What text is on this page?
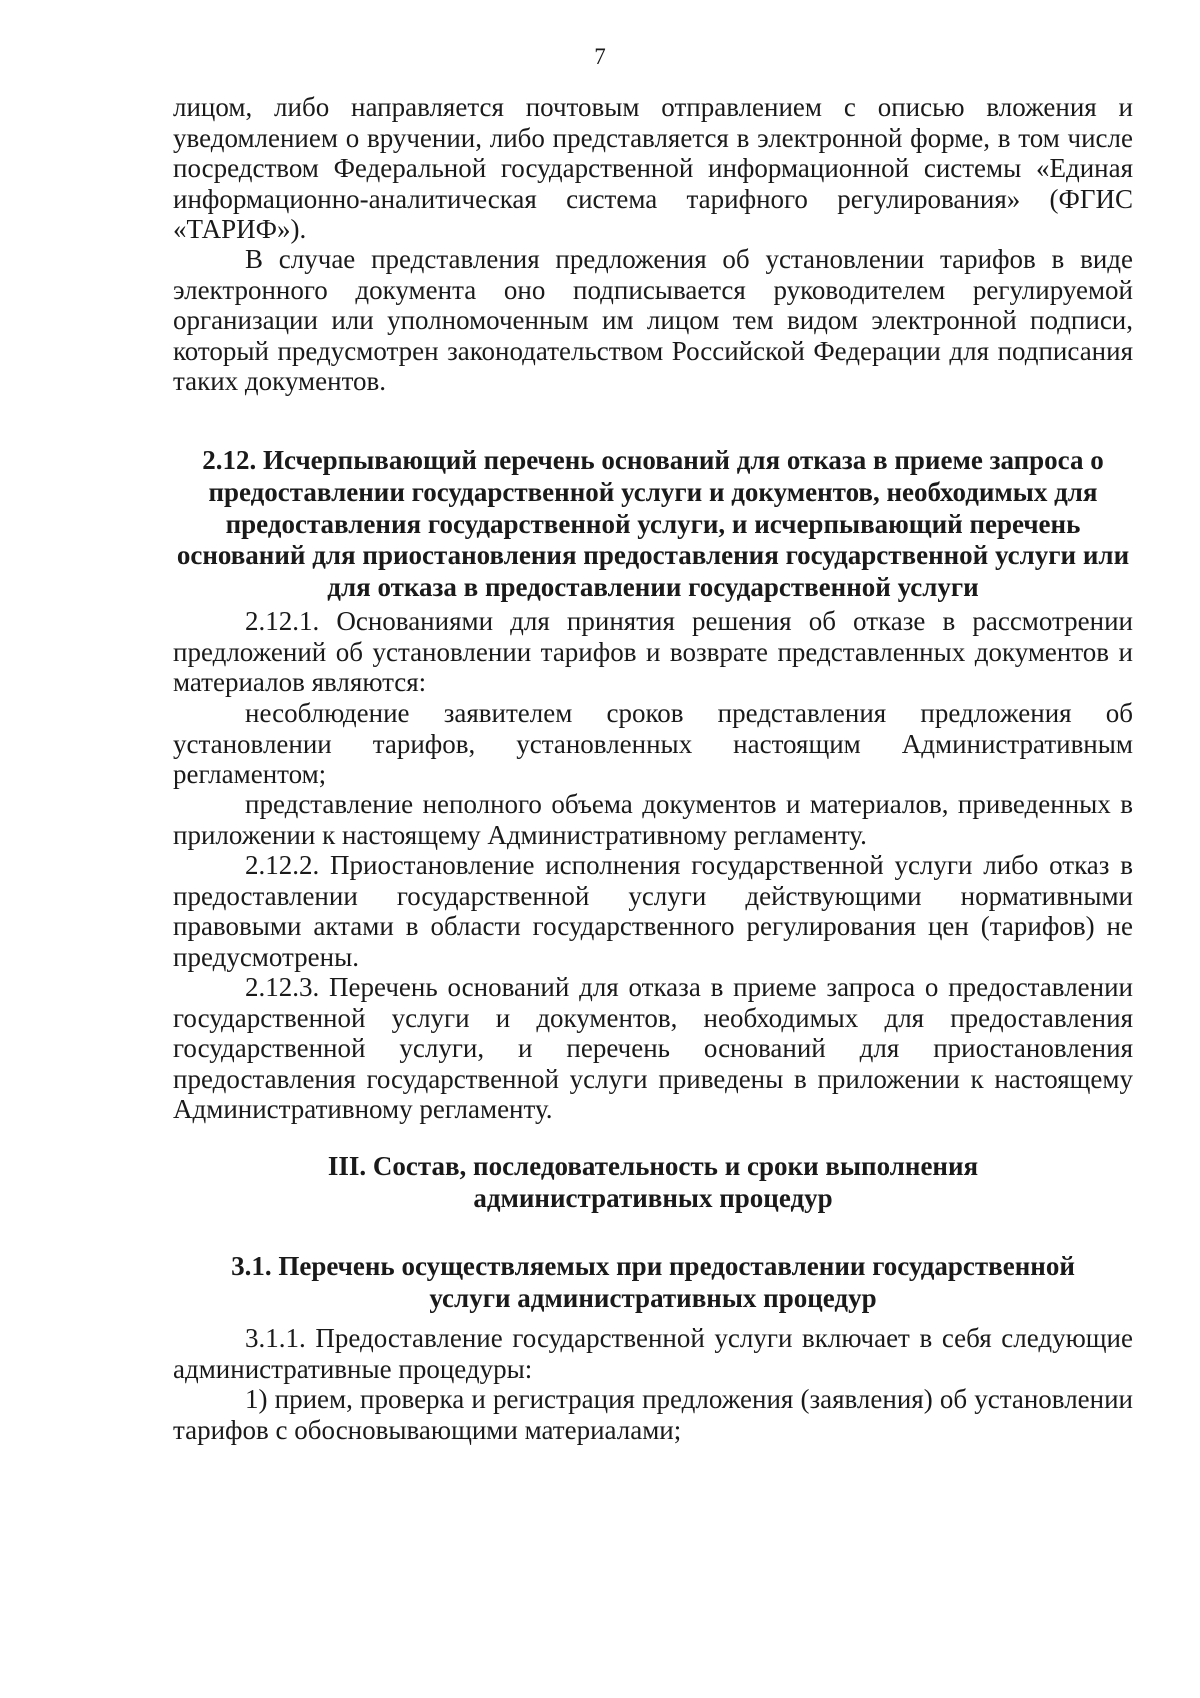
7

лицом, либо направляется почтовым отправлением с описью вложения и уведомлением о вручении, либо представляется в электронной форме, в том числе посредством Федеральной государственной информационной системы «Единая информационно-аналитическая система тарифного регулирования» (ФГИС «ТАРИФ»).

В случае представления предложения об установлении тарифов в виде электронного документа оно подписывается руководителем регулируемой организации или уполномоченным им лицом тем видом электронной подписи, который предусмотрен законодательством Российской Федерации для подписания таких документов.

2.12. Исчерпывающий перечень оснований для отказа в приеме запроса о предоставлении государственной услуги и документов, необходимых для предоставления государственной услуги, и исчерпывающий перечень оснований для приостановления предоставления государственной услуги или для отказа в предоставлении государственной услуги

2.12.1. Основаниями для принятия решения об отказе в рассмотрении предложений об установлении тарифов и возврате представленных документов и материалов являются:

несоблюдение заявителем сроков представления предложения об установлении тарифов, установленных настоящим Административным регламентом;

представление неполного объема документов и материалов, приведенных в приложении к настоящему Административному регламенту.

2.12.2. Приостановление исполнения государственной услуги либо отказ в предоставлении государственной услуги действующими нормативными правовыми актами в области государственного регулирования цен (тарифов) не предусмотрены.

2.12.3. Перечень оснований для отказа в приеме запроса о предоставлении государственной услуги и документов, необходимых для предоставления государственной услуги, и перечень оснований для приостановления предоставления государственной услуги приведены в приложении к настоящему Административному регламенту.

III. Состав, последовательность и сроки выполнения административных процедур
3.1. Перечень осуществляемых при предоставлении государственной услуги административных процедур

3.1.1. Предоставление государственной услуги включает в себя следующие административные процедуры:

1) прием, проверка и регистрация предложения (заявления) об установлении тарифов с обосновывающими материалами;
